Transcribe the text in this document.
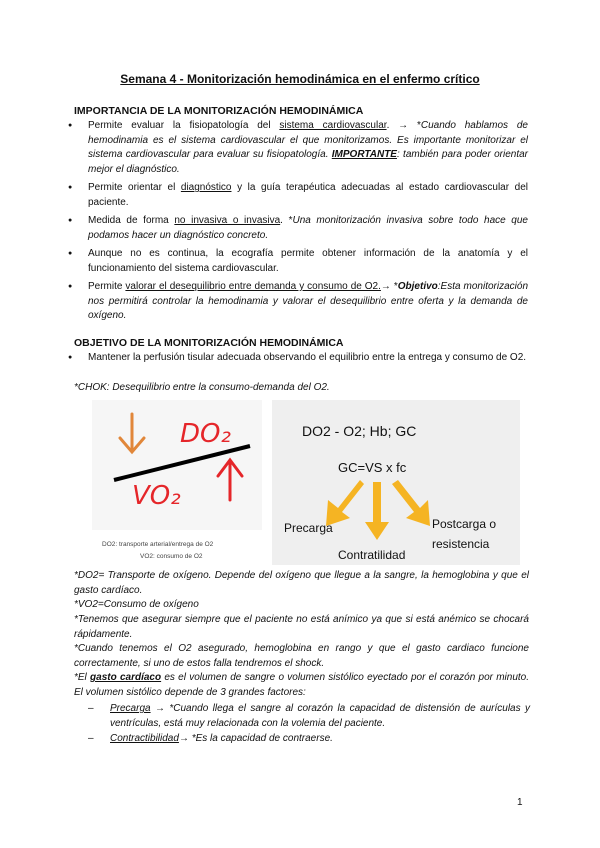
Semana 4 - Monitorización hemodinámica en el enfermo crítico
IMPORTANCIA DE LA MONITORIZACIÓN HEMODINÁMICA
● Permite evaluar la fisiopatología del sistema cardiovascular. → *Cuando hablamos de hemodinamia es el sistema cardiovascular el que monitorizamos. Es importante monitorizar el sistema cardiovascular para evaluar su fisiopatología. IMPORTANTE: también para poder orientar mejor el diagnóstico.
● Permite orientar el diagnóstico y la guía terapéutica adecuadas al estado cardiovascular del paciente.
● Medida de forma no invasiva o invasiva. *Una monitorización invasiva sobre todo hace que podamos hacer un diagnóstico concreto.
● Aunque no es continua, la ecografía permite obtener información de la anatomía y el funcionamiento del sistema cardiovascular.
● Permite valorar el desequilibrio entre demanda y consumo de O2.→ *Objetivo:Esta monitorización nos permitirá controlar la hemodinamia y valorar el desequilibrio entre oferta y la demanda de oxígeno.
OBJETIVO DE LA MONITORIZACIÓN HEMODINÁMICA
● Mantener la perfusión tisular adecuada observando el equilibrio entre la entrega y consumo de O2.
*CHOK: Desequilibrio entre la consumo-demanda del O2.
DO₂
VO₂
DO2: transporte arterial/entrega de O2
VO2: consumo de O2
DO2 - O2; Hb; GC
GC=VS x fc
Precarga
Contratilidad
Postcarga o
resistencia
*DO2= Transporte de oxígeno. Depende del oxígeno que llegue a la sangre, la hemoglobina y que el gasto cardíaco.
*VO2=Consumo de oxígeno
*Tenemos que asegurar siempre que el paciente no está anímico ya que si está anémico se chocará rápidamente.
*Cuando tenemos el O2 asegurado, hemoglobina en rango y que el gasto cardiaco funcione correctamente, si uno de estos falla tendremos el shock.
*El gasto cardíaco es el volumen de sangre o volumen sistólico eyectado por el corazón por minuto. El volumen sistólico depende de 3 grandes factores:
– Precarga → *Cuando llega el sangre al corazón la capacidad de distensión de aurículas y ventrículas, está muy relacionada con la volemia del paciente.
– Contractibilidad→ *Es la capacidad de contraerse.
1
